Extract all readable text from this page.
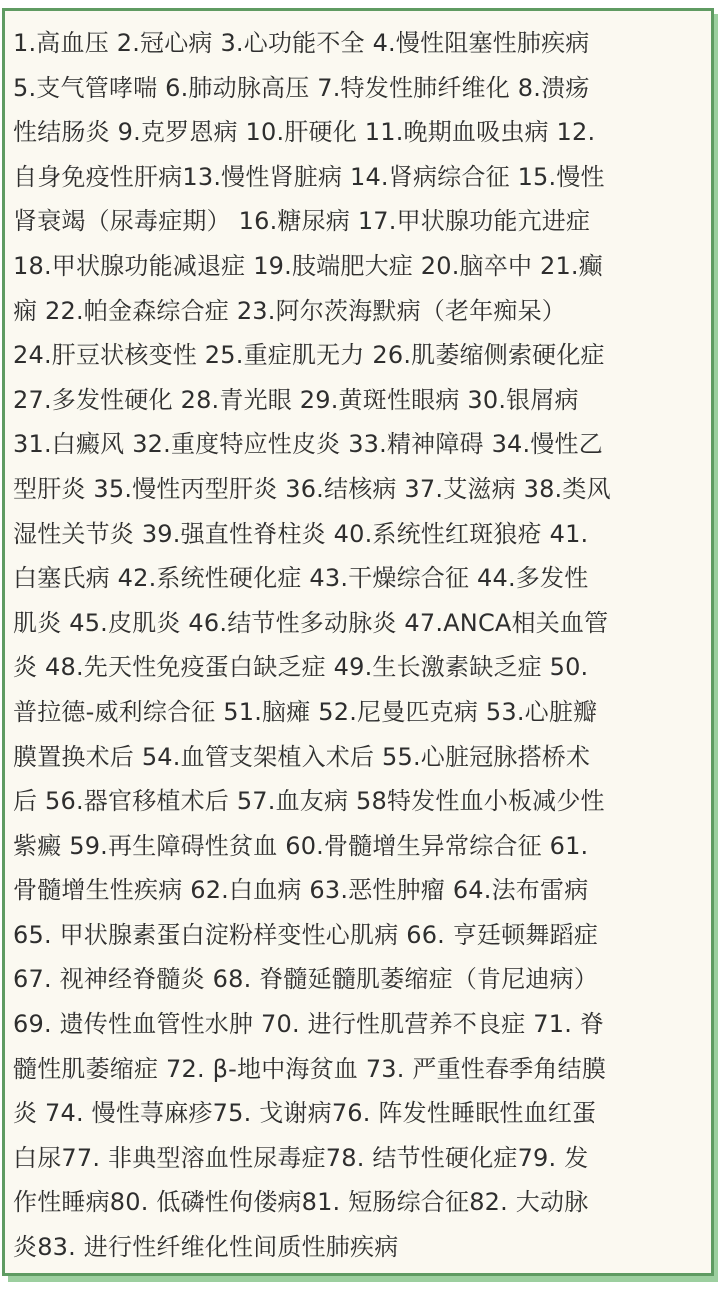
1.高血压 2.冠心病 3.心功能不全 4.慢性阻塞性肺疾病
5.支气管哮喘 6.肺动脉高压 7.特发性肺纤维化 8.溃疡
性结肠炎 9.克罗恩病 10.肝硬化 11.晚期血吸虫病 12.
自身免疫性肝病13.慢性肾脏病 14.肾病综合征 15.慢性
肾衰竭（尿毒症期） 16.糖尿病 17.甲状腺功能亢进症
18.甲状腺功能减退症 19.肢端肥大症 20.脑卒中 21.癫
痫 22.帕金森综合症 23.阿尔茨海默病（老年痴呆）
24.肝豆状核变性 25.重症肌无力 26.肌萎缩侧索硬化症
27.多发性硬化 28.青光眼 29.黄斑性眼病 30.银屑病
31.白癜风 32.重度特应性皮炎 33.精神障碍 34.慢性乙
型肝炎 35.慢性丙型肝炎 36.结核病 37.艾滋病 38.类风
湿性关节炎 39.强直性脊柱炎 40.系统性红斑狼疮 41.
白塞氏病 42.系统性硬化症 43.干燥综合征 44.多发性
肌炎 45.皮肌炎 46.结节性多动脉炎 47.ANCA相关血管
炎 48.先天性免疫蛋白缺乏症 49.生长激素缺乏症 50.
普拉德-威利综合征 51.脑瘫 52.尼曼匹克病 53.心脏瓣
膜置换术后 54.血管支架植入术后 55.心脏冠脉搭桥术
后 56.器官移植术后 57.血友病 58特发性血小板减少性
紫癜 59.再生障碍性贫血 60.骨髓增生异常综合征 61.
骨髓增生性疾病 62.白血病 63.恶性肿瘤 64.法布雷病
65. 甲状腺素蛋白淀粉样变性心肌病 66. 亨廷顿舞蹈症
67. 视神经脊髓炎 68. 脊髓延髓肌萎缩症（肯尼迪病）
69. 遗传性血管性水肿 70. 进行性肌营养不良症 71. 脊
髓性肌萎缩症 72. β-地中海贫血 73. 严重性春季角结膜
炎 74. 慢性荨麻疹75. 戈谢病76. 阵发性睡眠性血红蛋
白尿77. 非典型溶血性尿毒症78. 结节性硬化症79. 发
作性睡病80. 低磷性佝偻病81. 短肠综合征82. 大动脉
炎83. 进行性纤维化性间质性肺疾病
